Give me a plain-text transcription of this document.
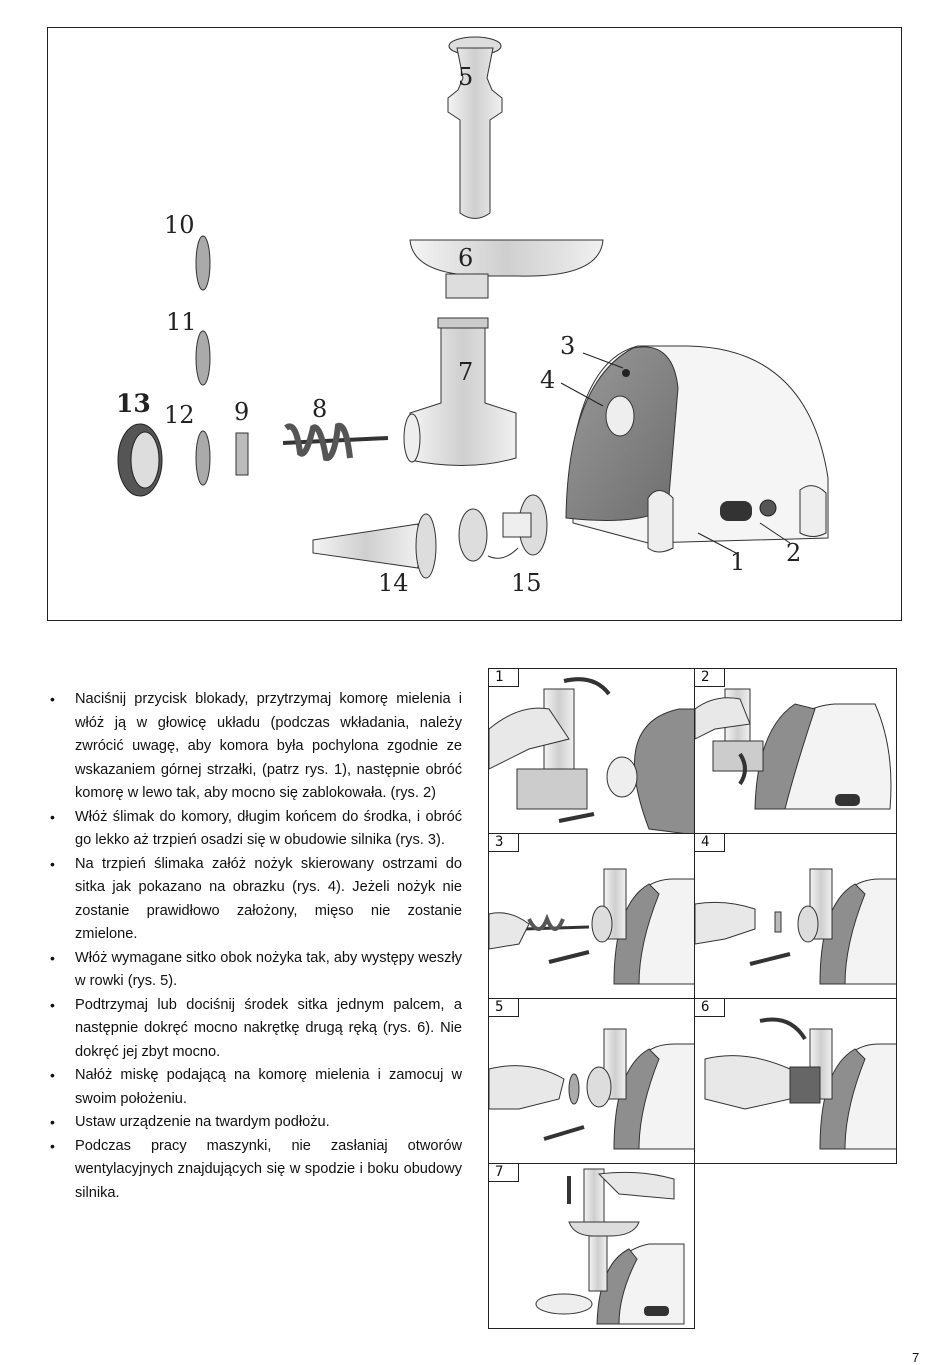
5
6
7
8
9
10
11
12
13
14	15
3
4
1 2
• Naciśnij przycisk blokady, przytrzymaj komorę mielenia i włóż ją w głowicę układu (podczas wkładania, należy zwrócić uwagę, aby komora była pochylona zgodnie ze wskazaniem górnej strzałki, (patrz rys. 1), następnie obróć komorę w lewo tak, aby mocno się zablokowała. (rys. 2)
• Włóż ślimak do komory, długim końcem do środka, i obróć go lekko aż trzpień osadzi się w obudowie silnika (rys. 3).
• Na trzpień ślimaka załóż nożyk skierowany ostrzami do sitka jak pokazano na obrazku (rys. 4). Jeżeli nożyk nie zostanie prawidłowo założony, mięso nie zostanie zmielone.
• Włóż wymagane sitko obok nożyka tak, aby występy weszły w rowki (rys. 5).
• Podtrzymaj lub dociśnij środek sitka jednym palcem, a następnie dokręć mocno nakrętkę drugą ręką (rys. 6). Nie dokręć jej zbyt mocno.
• Nałóż miskę podającą na komorę mielenia i zamocuj w swoim położeniu.
• Ustaw urządzenie na twardym podłożu.
• Podczas pracy maszynki, nie zasłaniaj otworów wentylacyjnych znajdujących się w spodzie i boku obudowy silnika.
1	2
3	4
5	6
7
7
